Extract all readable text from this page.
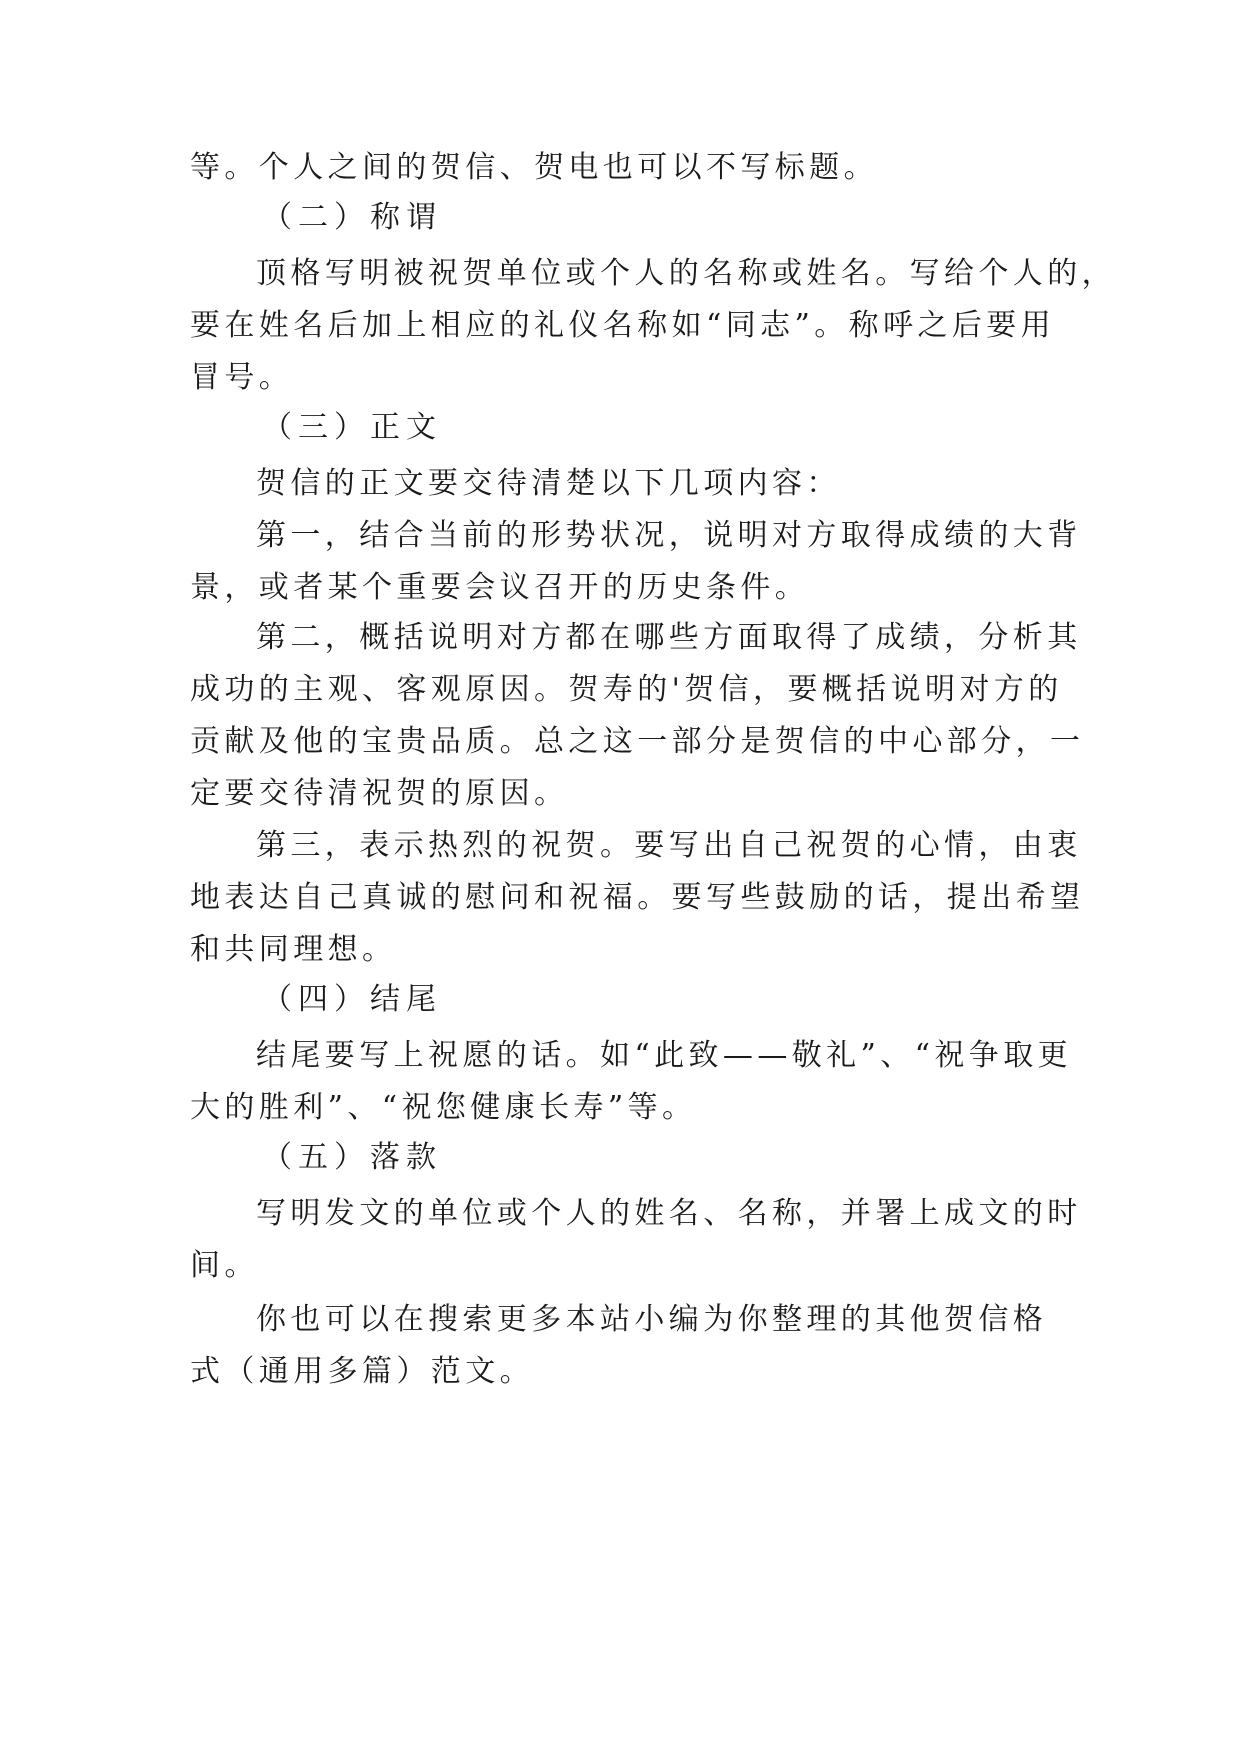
等。个人之间的贺信、贺电也可以不写标题。
（二）称谓
顶格写明被祝贺单位或个人的名称或姓名。写给个人的，
要在姓名后加上相应的礼仪名称如“同志”。称呼之后要用
冒号。
（三）正文
贺信的正文要交待清楚以下几项内容：
第一，结合当前的形势状况，说明对方取得成绩的大背
景，或者某个重要会议召开的历史条件。
第二，概括说明对方都在哪些方面取得了成绩，分析其
成功的主观、客观原因。贺寿的'贺信，要概括说明对方的
贡献及他的宝贵品质。总之这一部分是贺信的中心部分，一
定要交待清祝贺的原因。
第三，表示热烈的祝贺。要写出自己祝贺的心情，由衷
地表达自己真诚的慰问和祝福。要写些鼓励的话，提出希望
和共同理想。
（四）结尾
结尾要写上祝愿的话。如“此致——敬礼”、“祝争取更
大的胜利”、“祝您健康长寿”等。
（五）落款
写明发文的单位或个人的姓名、名称，并署上成文的时
间。
你也可以在搜索更多本站小编为你整理的其他贺信格
式（通用多篇）范文。
